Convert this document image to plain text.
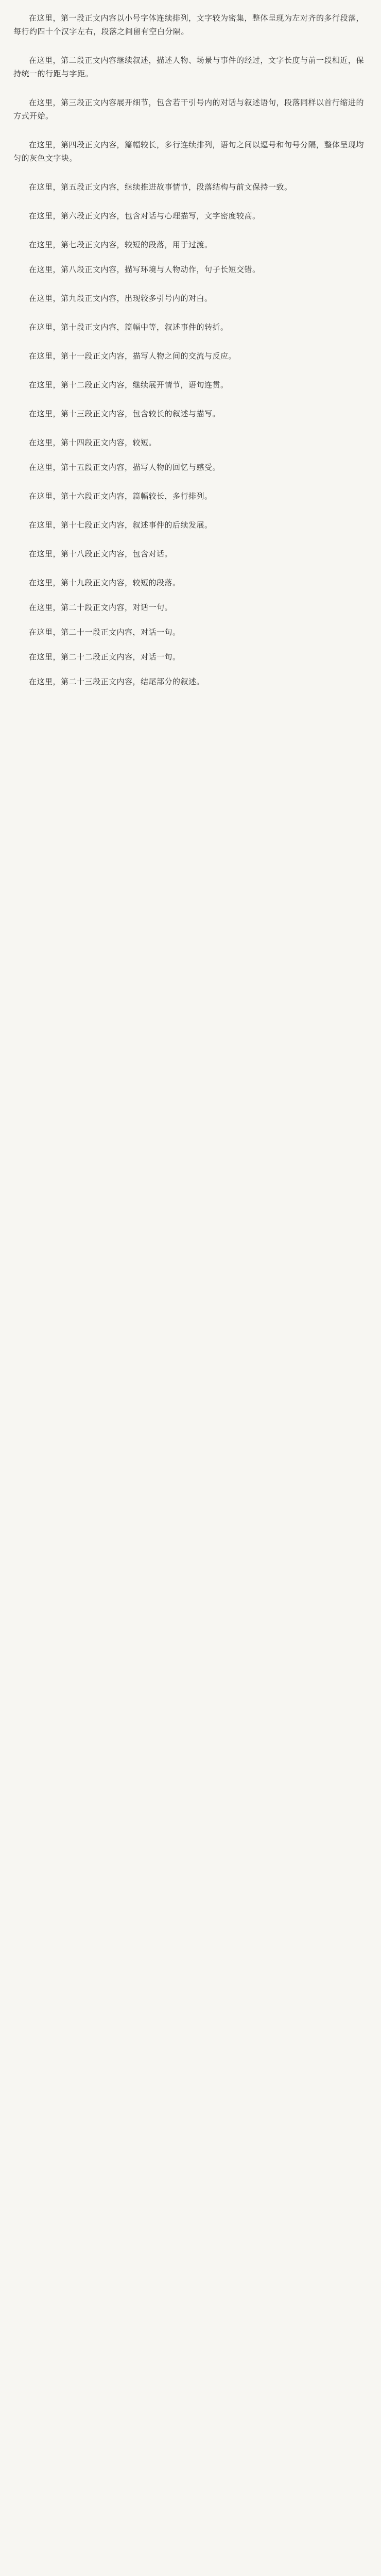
在这里，第一段正文内容以小号字体连续排列，文字较为密集，整体呈现为左对齐的多行段落，每行约四十个汉字左右，段落之间留有空白分隔。

在这里，第二段正文内容继续叙述，描述人物、场景与事件的经过，文字长度与前一段相近，保持统一的行距与字距。

在这里，第三段正文内容展开细节，包含若干引号内的对话与叙述语句，段落同样以首行缩进的方式开始。

在这里，第四段正文内容，篇幅较长，多行连续排列，语句之间以逗号和句号分隔，整体呈现均匀的灰色文字块。

在这里，第五段正文内容，继续推进故事情节，段落结构与前文保持一致。

在这里，第六段正文内容，包含对话与心理描写，文字密度较高。

在这里，第七段正文内容，较短的段落，用于过渡。

在这里，第八段正文内容，描写环境与人物动作，句子长短交错。

在这里，第九段正文内容，出现较多引号内的对白。

在这里，第十段正文内容，篇幅中等，叙述事件的转折。

在这里，第十一段正文内容，描写人物之间的交流与反应。

在这里，第十二段正文内容，继续展开情节，语句连贯。

在这里，第十三段正文内容，包含较长的叙述与描写。

在这里，第十四段正文内容，较短。

在这里，第十五段正文内容，描写人物的回忆与感受。

在这里，第十六段正文内容，篇幅较长，多行排列。

在这里，第十七段正文内容，叙述事件的后续发展。

在这里，第十八段正文内容，包含对话。

在这里，第十九段正文内容，较短的段落。

在这里，第二十段正文内容，对话一句。

在这里，第二十一段正文内容，对话一句。

在这里，第二十二段正文内容，对话一句。

在这里，第二十三段正文内容，结尾部分的叙述。
